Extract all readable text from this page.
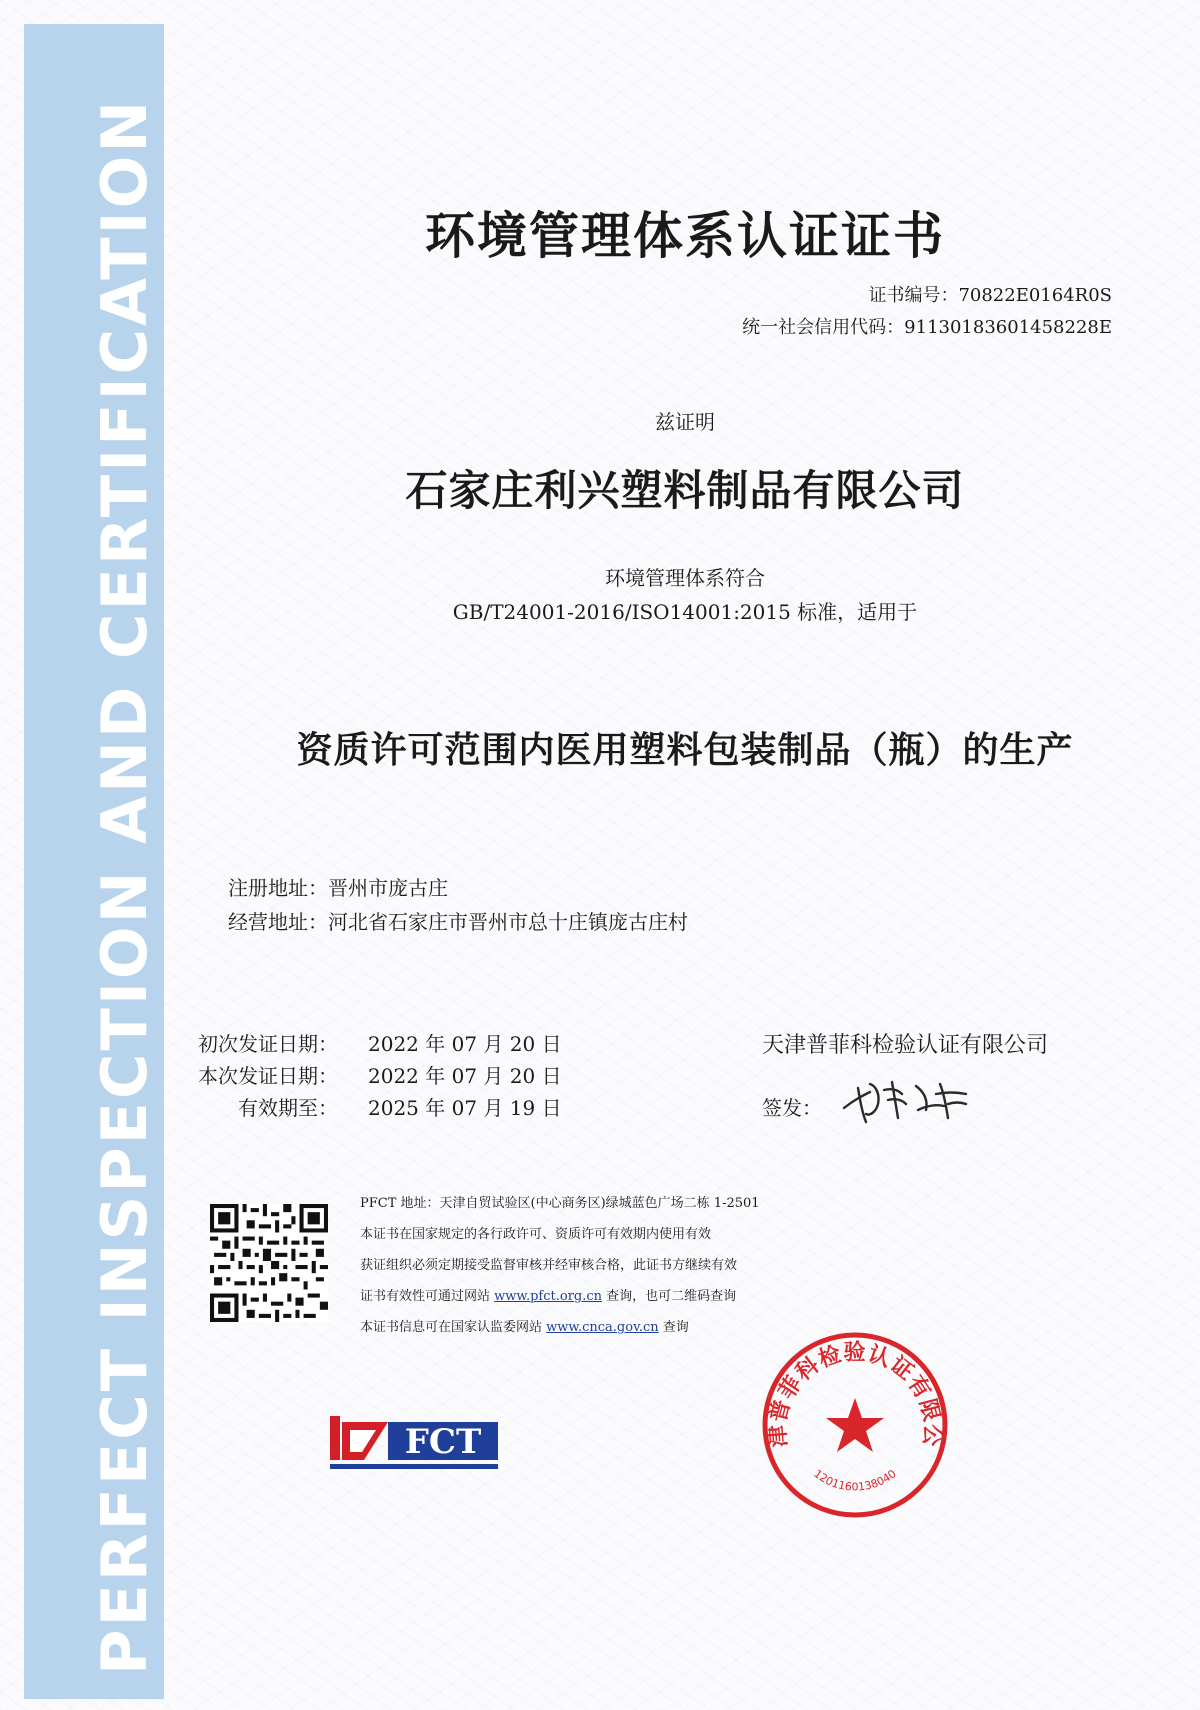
PERFECT INSPECTION AND CERTIFICATION	环境管理体系认证证书
证书编号：70822E0164R0S
统一社会信用代码：91130183601458228E
兹证明
石家庄利兴塑料制品有限公司
环境管理体系符合
GB/T24001-2016/ISO14001:2015 标准，适用于
资质许可范围内医用塑料包装制品（瓶）的生产
注册地址：晋州市庞古庄
经营地址：河北省石家庄市晋州市总十庄镇庞古庄村
初次发证日期： 2022 年 07 月 20 日
本次发证日期： 2022 年 07 月 20 日
有效期至： 2025 年 07 月 19 日
天津普菲科检验认证有限公司
签发：
PFCT 地址：天津自贸试验区(中心商务区)绿城蓝色广场二栋 1-2501
本证书在国家规定的各行政许可、资质许可有效期内使用有效
获证组织必须定期接受监督审核并经审核合格，此证书方继续有效
证书有效性可通过网站 www.pfct.org.cn 查询，也可二维码查询
本证书信息可在国家认监委网站 www.cnca.gov.cn 查询
FCT	津普菲科检验认证有限公
1201160138040
